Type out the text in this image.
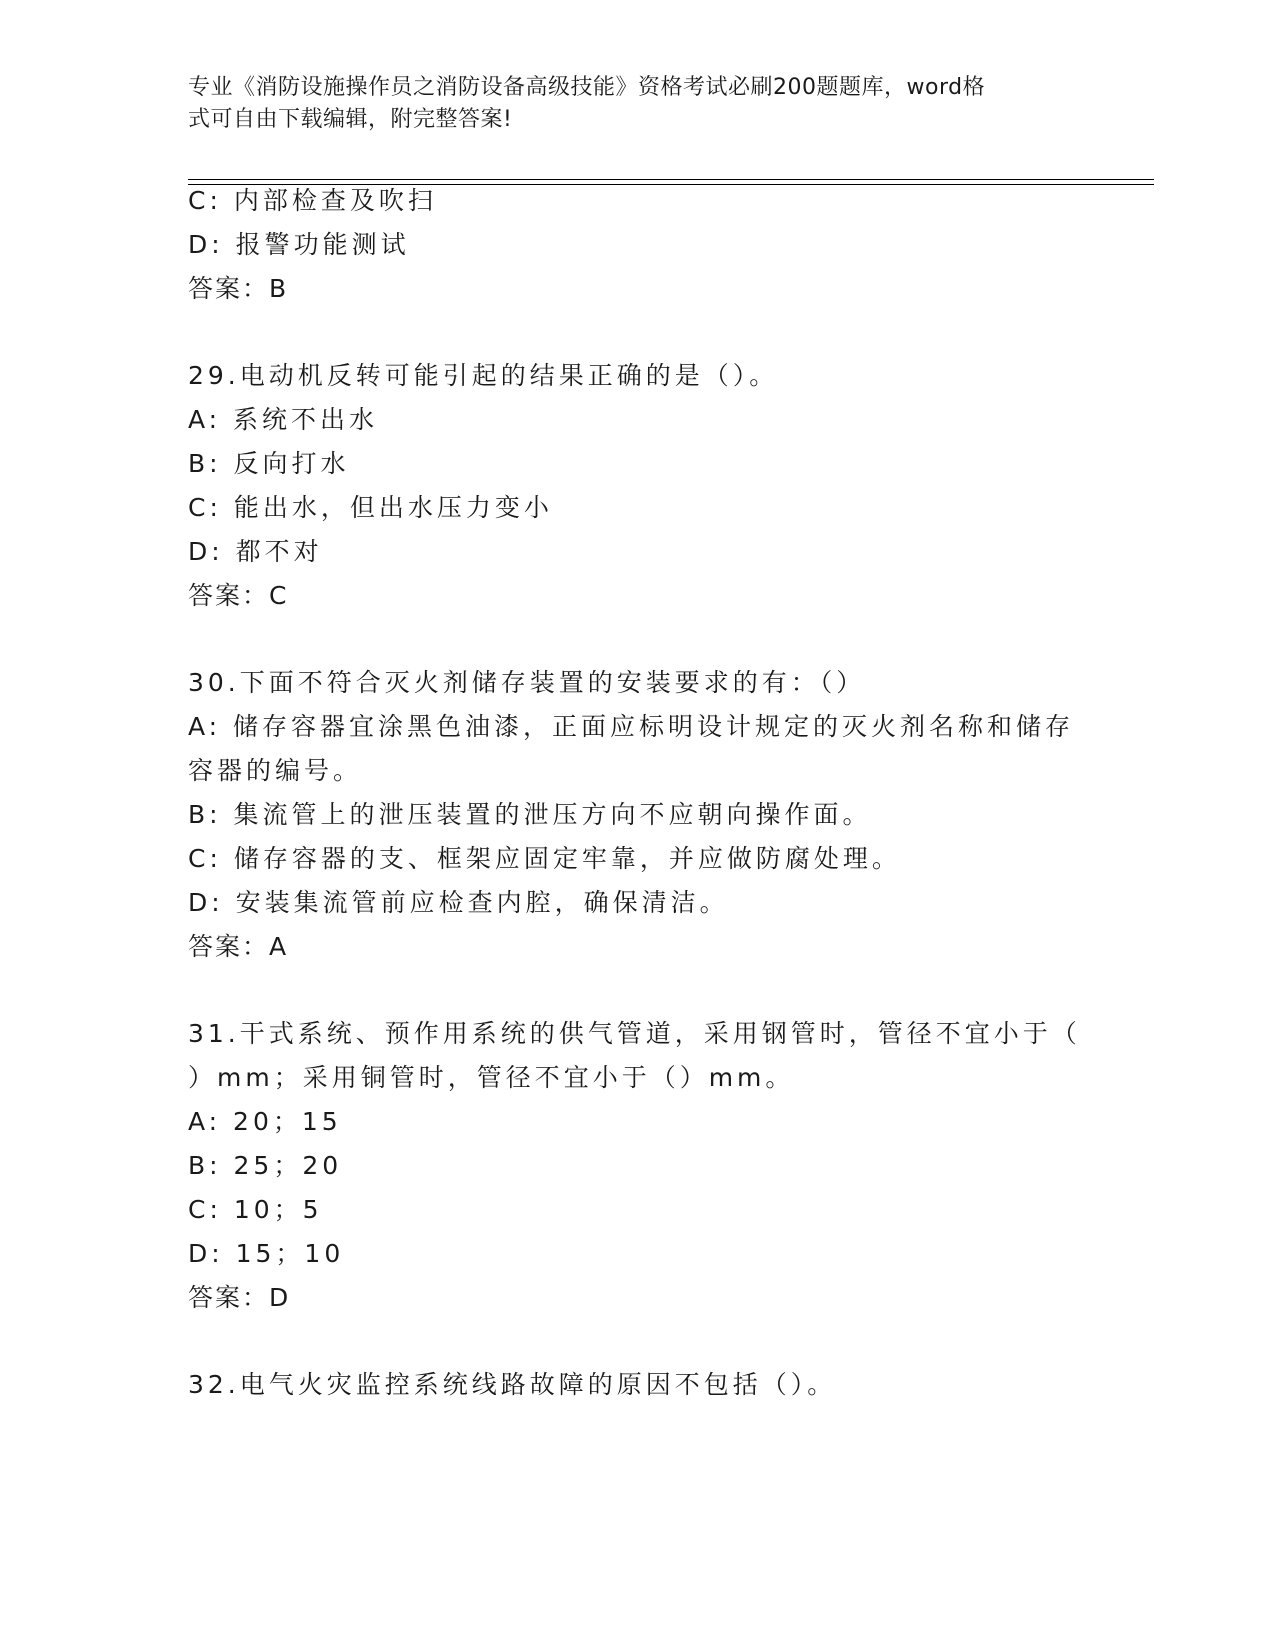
专业《消防设施操作员之消防设备高级技能》资格考试必刷200题题库，word格
式可自由下载编辑，附完整答案!
C: 内部检查及吹扫
D: 报警功能测试
答案：B
29.电动机反转可能引起的结果正确的是（）。
A: 系统不出水
B: 反向打水
C: 能出水，但出水压力变小
D: 都不对
答案：C
30.下面不符合灭火剂储存装置的安装要求的有：（）
A: 储存容器宜涂黑色油漆，正面应标明设计规定的灭火剂名称和储存
容器的编号。
B: 集流管上的泄压装置的泄压方向不应朝向操作面。
C: 储存容器的支、框架应固定牢靠，并应做防腐处理。
D: 安装集流管前应检查内腔，确保清洁。
答案：A
31.干式系统、预作用系统的供气管道，采用钢管时，管径不宜小于（
）mm；采用铜管时，管径不宜小于（）mm。
A: 20；15
B: 25；20
C: 10；5
D: 15；10
答案：D
32.电气火灾监控系统线路故障的原因不包括（）。
